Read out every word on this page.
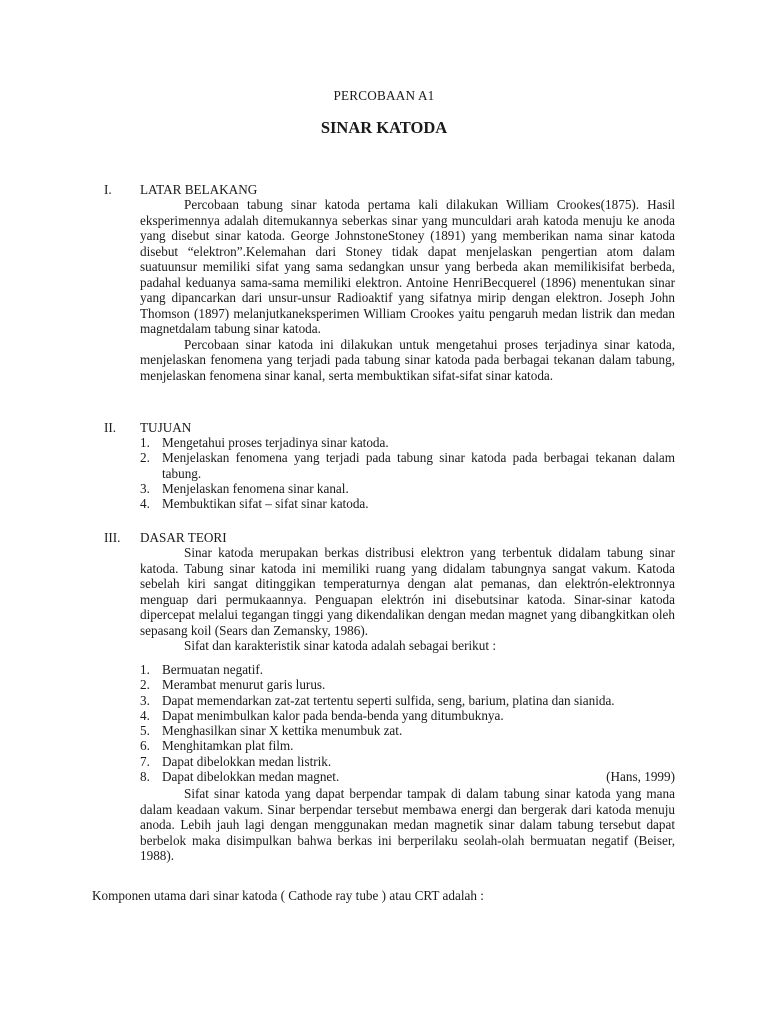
PERCOBAAN A1
SINAR KATODA
I. LATAR BELAKANG

Percobaan tabung sinar katoda pertama kali dilakukan William Crookes(1875). Hasil eksperimennya adalah ditemukannya seberkas sinar yang munculdari arah katoda menuju ke anoda yang disebut sinar katoda. George JohnstoneStoney (1891) yang memberikan nama sinar katoda disebut “elektron”.Kelemahan dari Stoney tidak dapat menjelaskan pengertian atom dalam suatuunsur memiliki sifat yang sama sedangkan unsur yang berbeda akan memilikisifat berbeda, padahal keduanya sama-sama memiliki elektron. Antoine HenriBecquerel (1896) menentukan sinar yang dipancarkan dari unsur-unsur Radioaktif yang sifatnya mirip dengan elektron. Joseph John Thomson (1897) melanjutkaneksperimen William Crookes yaitu pengaruh medan listrik dan medan magnetdalam tabung sinar katoda.

Percobaan sinar katoda ini dilakukan untuk mengetahui proses terjadinya sinar katoda, menjelaskan fenomena yang terjadi pada tabung sinar katoda pada berbagai tekanan dalam tabung, menjelaskan fenomena sinar kanal, serta membuktikan sifat-sifat sinar katoda.

II. TUJUAN
1. Mengetahui proses terjadinya sinar katoda.
2. Menjelaskan fenomena yang terjadi pada tabung sinar katoda pada berbagai tekanan dalam tabung.
3. Menjelaskan fenomena sinar kanal.
4. Membuktikan sifat – sifat sinar katoda.
III. DASAR TEORI

Sinar katoda merupakan berkas distribusi elektron yang terbentuk didalam tabung sinar katoda. Tabung sinar katoda ini memiliki ruang yang didalam tabungnya sangat vakum. Katoda sebelah kiri sangat ditinggikan temperaturnya dengan alat pemanas, dan elektrón-elektronnya menguap dari permukaannya. Penguapan elektrón ini disebutsinar katoda. Sinar-sinar katoda dipercepat melalui tegangan tinggi yang dikendalikan dengan medan magnet yang dibangkitkan oleh sepasang koil (Sears dan Zemansky, 1986).

Sifat dan karakteristik sinar katoda adalah sebagai berikut :

1. Bermuatan negatif.
2. Merambat menurut garis lurus.
3. Dapat memendarkan zat-zat tertentu seperti sulfida, seng, barium, platina dan sianida.
4. Dapat menimbulkan kalor pada benda-benda yang ditumbuknya.
5. Menghasilkan sinar X kettika menumbuk zat.
6. Menghitamkan plat film.
7. Dapat dibelokkan medan listrik.
8. Dapat dibelokkan medan magnet.	(Hans, 1999)

Sifat sinar katoda yang dapat berpendar tampak di dalam tabung sinar katoda yang mana dalam keadaan vakum. Sinar berpendar tersebut membawa energi dan bergerak dari katoda menuju anoda. Lebih jauh lagi dengan menggunakan medan magnetik sinar dalam tabung tersebut dapat berbelok maka disimpulkan bahwa berkas ini berperilaku seolah-olah bermuatan negatif (Beiser, 1988).

Komponen utama dari sinar katoda ( Cathode ray tube ) atau CRT adalah :
